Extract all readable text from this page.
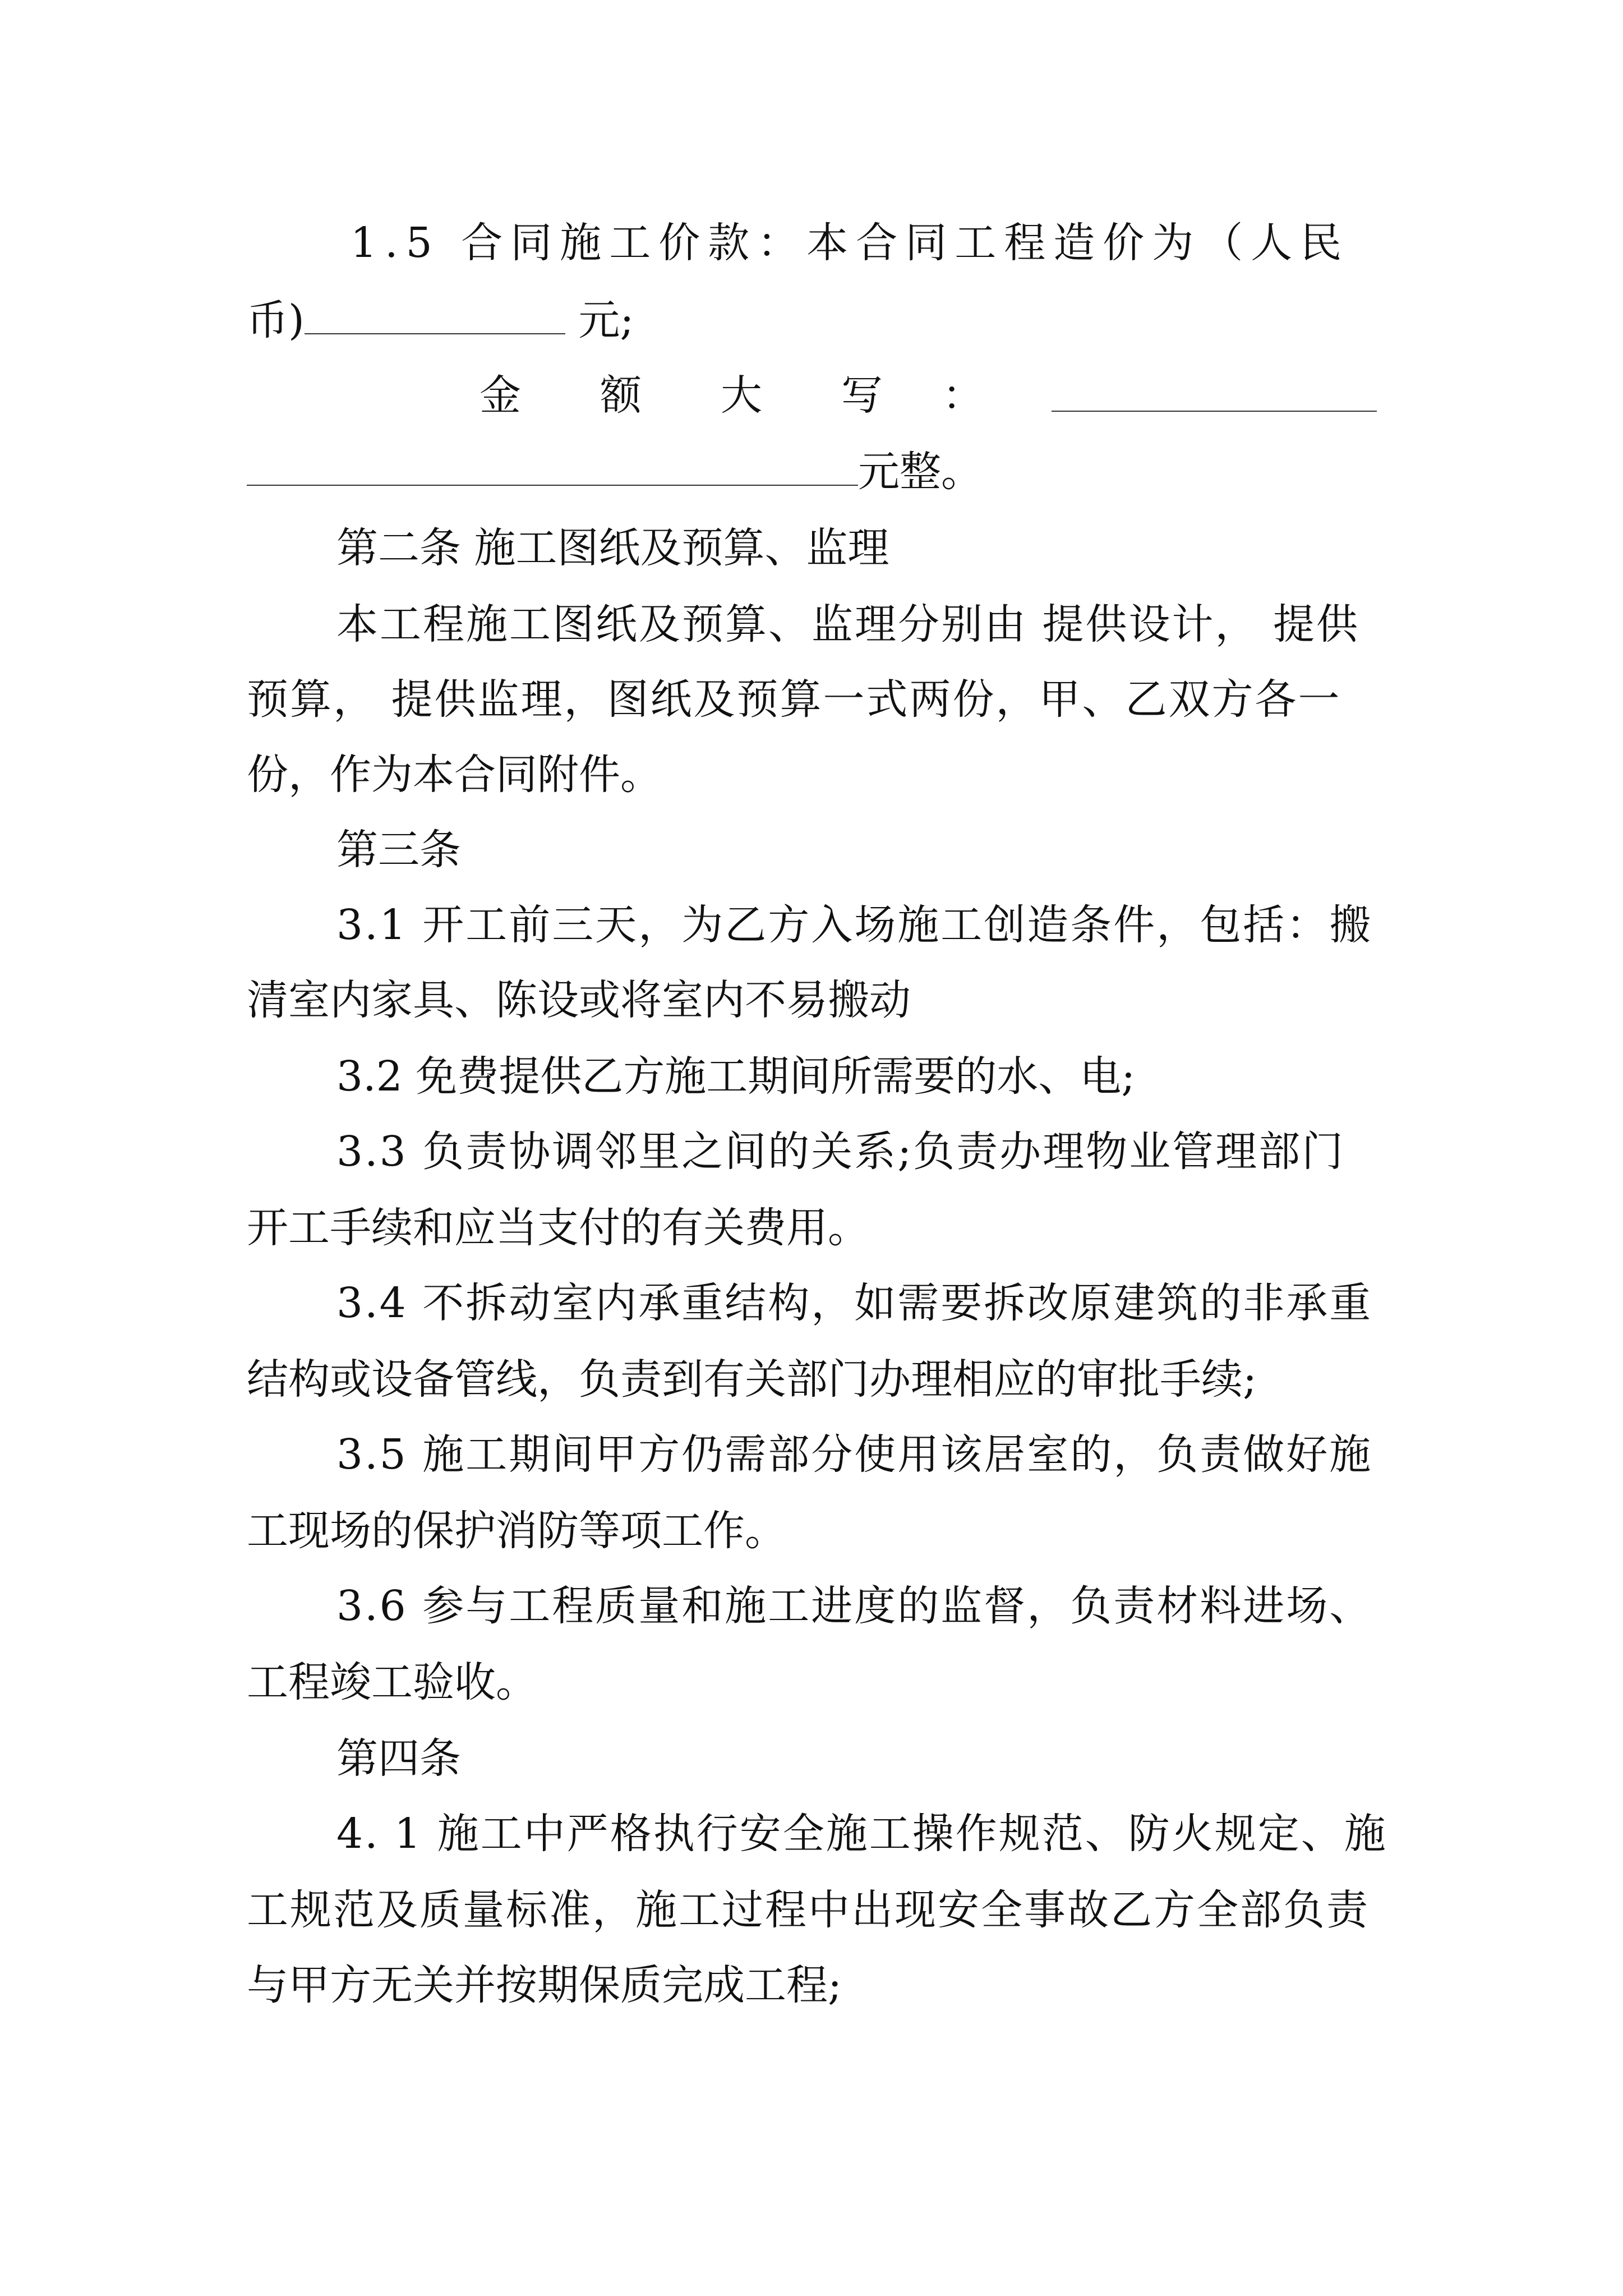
1.5 合同施工价款：本合同工程造价为（人民
币)	元;
金 额 大 写 ：
元整。
第二条 施工图纸及预算、监理
本工程施工图纸及预算、监理分别由 提供设计， 提供
预算， 提供监理，图纸及预算一式两份，甲、乙双方各一
份，作为本合同附件。
第三条
3.1 开工前三天，为乙方入场施工创造条件，包括：搬
清室内家具、陈设或将室内不易搬动
3.2 免费提供乙方施工期间所需要的水、电;
3.3 负责协调邻里之间的关系;负责办理物业管理部门
开工手续和应当支付的有关费用。
3.4 不拆动室内承重结构，如需要拆改原建筑的非承重
结构或设备管线，负责到有关部门办理相应的审批手续;
3.5 施工期间甲方仍需部分使用该居室的，负责做好施
工现场的保护消防等项工作。
3.6 参与工程质量和施工进度的监督，负责材料进场、
工程竣工验收。
第四条
4. 1 施工中严格执行安全施工操作规范、防火规定、施
工规范及质量标准，施工过程中出现安全事故乙方全部负责
与甲方无关并按期保质完成工程;
